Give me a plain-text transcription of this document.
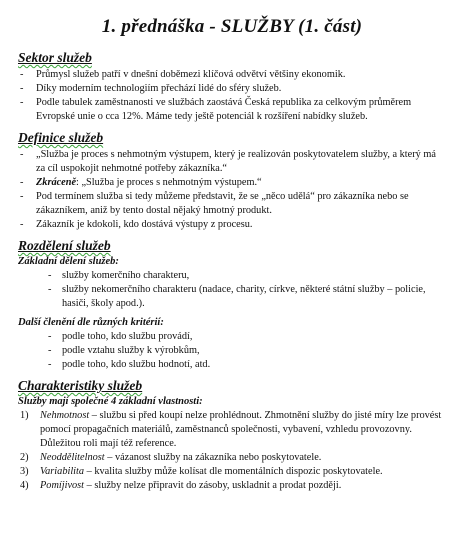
1. přednáška - SLUŽBY (1. část)
Sektor služeb
- Průmysl služeb patří v dnešní doběmezi klíčová odvětví většiny ekonomik.
- Díky moderním technologiím přechází lidé do sféry služeb.
- Podle tabulek zaměstnanosti ve službách zaostává Česká republika za celkovým průměrem Evropské unie o cca 12%. Máme tedy ještě potenciál k rozšíření nabídky služeb.
Definice služeb
- „Služba je proces s nehmotným výstupem, který je realizován poskytovatelem služby, a který má za cíl uspokojit nehmotné potřeby zákazníka.“
- Zkráceně: „Služba je proces s nehmotným výstupem.“
- Pod termínem služba si tedy můžeme představit, že se „něco udělá“ pro zákazníka nebo se zákazníkem, aniž by tento dostal nějaký hmotný produkt.
- Zákazník je kdokoli, kdo dostává výstupy z procesu.
Rozdělení služeb
Základní dělení služeb:
- služby komerčního charakteru,
- služby nekomerčního charakteru (nadace, charity, církve, některé státní služby – policie, hasiči, školy apod.).
Další členění dle různých kritérií:
- podle toho, kdo službu provádí,
- podle vztahu služby k výrobkům,
- podle toho, kdo službu hodnotí, atd.
Charakteristiky služeb
Služby mají společné 4 základní vlastnosti:
1) Nehmotnost – službu si před koupí nelze prohlédnout. Zhmotnění služby do jisté míry lze provést pomocí propagačních materiálů, zaměstnanců společnosti, vybavení, vzhledu provozovny. Důležitou roli mají též reference.
2) Neoddělitelnost – vázanost služby na zákazníka nebo poskytovatele.
3) Variabilita – kvalita služby může kolísat dle momentálních dispozic poskytovatele.
4) Pomíjivost – služby nelze připravit do zásoby, uskladnit a prodat později.
